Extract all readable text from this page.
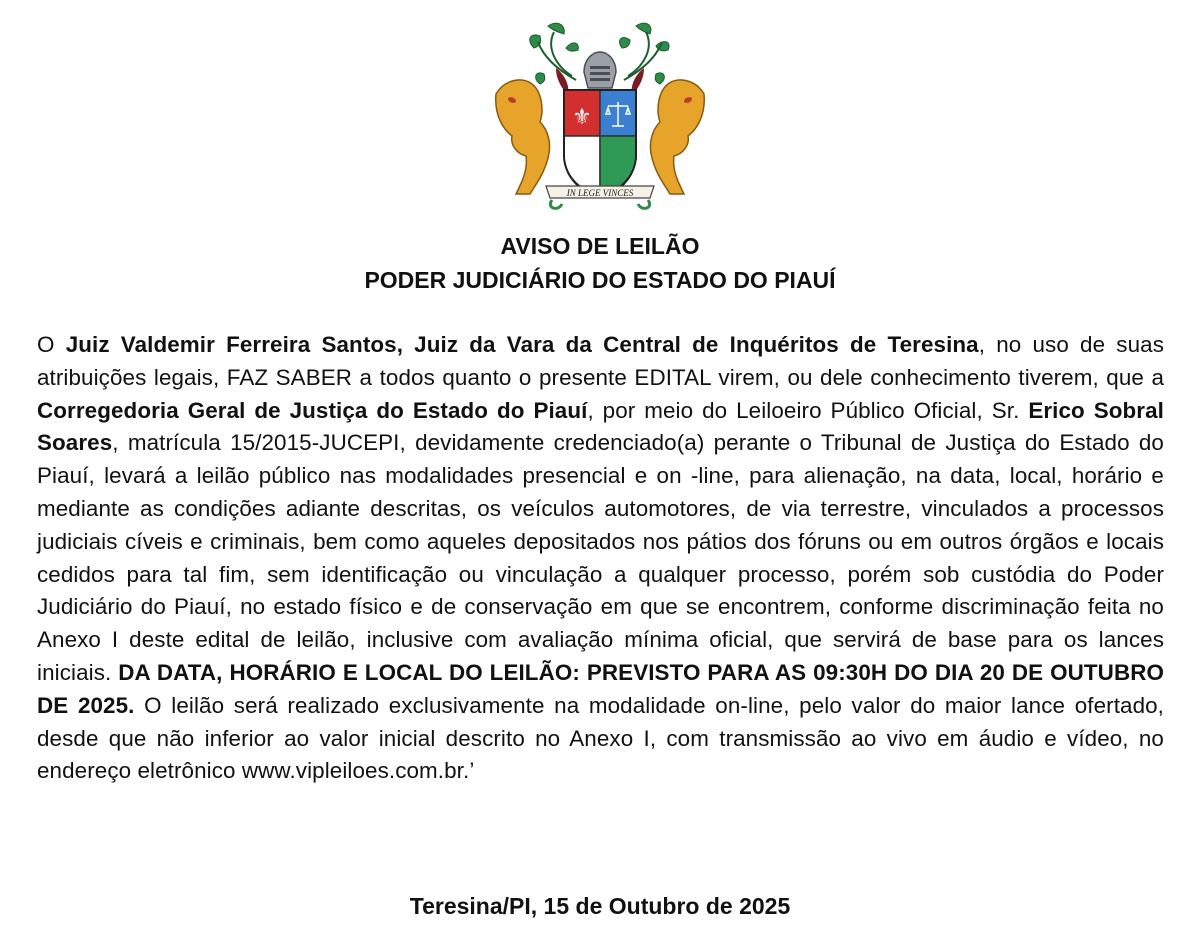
⚜
IN LEGE VINCES
AVISO DE LEILÃO
PODER JUDICIÁRIO DO ESTADO DO PIAUÍ
O Juiz Valdemir Ferreira Santos, Juiz da Vara da Central de Inquéritos de Teresina, no uso de suas atribuições legais, FAZ SABER a todos quanto o presente EDITAL virem, ou dele conhecimento tiverem, que a Corregedoria Geral de Justiça do Estado do Piauí, por meio do Leiloeiro Público Oficial, Sr. Erico Sobral Soares, matrícula 15/2015-JUCEPI, devidamente credenciado(a) perante o Tribunal de Justiça do Estado do Piauí, levará a leilão público nas modalidades presencial e on -line, para alienação, na data, local, horário e mediante as condições adiante descritas, os veículos automotores, de via terrestre, vinculados a processos judiciais cíveis e criminais, bem como aqueles depositados nos pátios dos fóruns ou em outros órgãos e locais cedidos para tal fim, sem identificação ou vinculação a qualquer processo, porém sob custódia do Poder Judiciário do Piauí, no estado físico e de conservação em que se encontrem, conforme discriminação feita no Anexo I deste edital de leilão, inclusive com avaliação mínima oficial, que servirá de base para os lances iniciais. DA DATA, HORÁRIO E LOCAL DO LEILÃO: PREVISTO PARA AS 09:30H DO DIA 20 DE OUTUBRO DE 2025. O leilão será realizado exclusivamente na modalidade on-line, pelo valor do maior lance ofertado, desde que não inferior ao valor inicial descrito no Anexo I, com transmissão ao vivo em áudio e vídeo, no endereço eletrônico www.vipleiloes.com.br.’
Teresina/PI, 15 de Outubro de 2025
